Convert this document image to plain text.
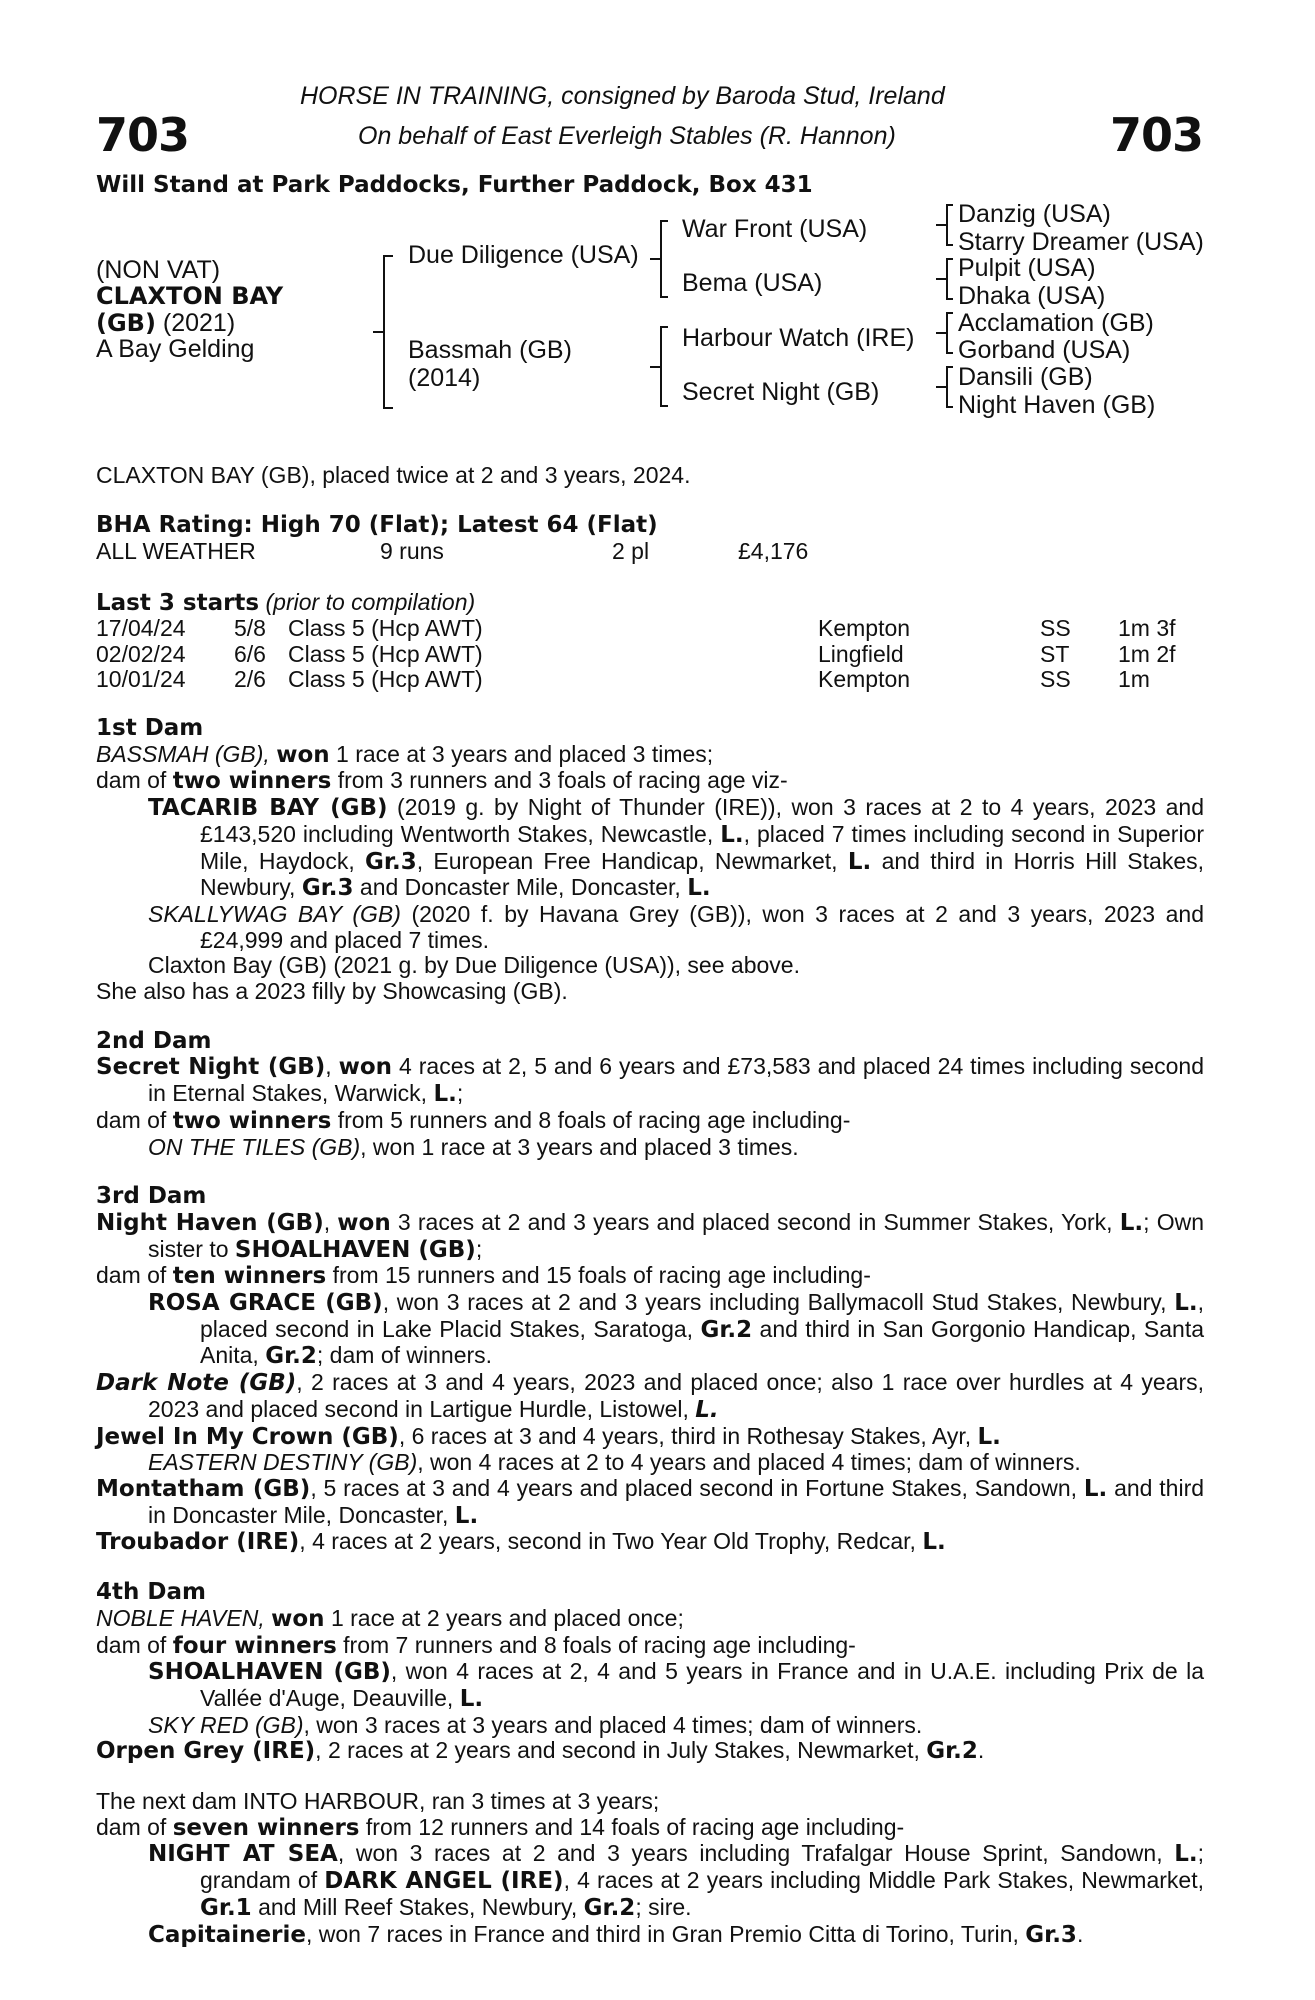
703	703
HORSE IN TRAINING, consigned by Baroda Stud, Ireland
On behalf of East Everleigh Stables (R. Hannon)
Will Stand at Park Paddocks, Further Paddock, Box 431
(NON VAT)
CLAXTON BAY
(GB) (2021)
A Bay Gelding
Due Diligence (USA)
Bassmah (GB)
(2014)
War Front (USA)
Bema (USA)
Harbour Watch (IRE)
Secret Night (GB)
Danzig (USA)
Starry Dreamer (USA)
Pulpit (USA)
Dhaka (USA)
Acclamation (GB)
Gorband (USA)
Dansili (GB)
Night Haven (GB)
CLAXTON BAY (GB), placed twice at 2 and 3 years, 2024.
BHA Rating: High 70 (Flat); Latest 64 (Flat)
ALL WEATHER	9 runs	2 pl	£4,176
Last 3 starts (prior to compilation)
17/04/24 5/8 Class 5 (Hcp AWT)	Kempton	SS 1m 3f
02/02/24 6/6 Class 5 (Hcp AWT)	Lingfield	ST 1m 2f
10/01/24 2/6 Class 5 (Hcp AWT)	Kempton	SS 1m

1st Dam

BASSMAH (GB), won 1 race at 3 years and placed 3 times;

dam of two winners from 3 runners and 3 foals of racing age viz-

TACARIB BAY (GB) (2019 g. by Night of Thunder (IRE)), won 3 races at 2 to 4 years, 2023 and £143,520 including Wentworth Stakes, Newcastle, L., placed 7 times including second in Superior Mile, Haydock, Gr.3, European Free Handicap, Newmarket, L. and third in Horris Hill Stakes, Newbury, Gr.3 and Doncaster Mile, Doncaster, L.

SKALLYWAG BAY (GB) (2020 f. by Havana Grey (GB)), won 3 races at 2 and 3 years, 2023 and £24,999 and placed 7 times.

Claxton Bay (GB) (2021 g. by Due Diligence (USA)), see above.

She also has a 2023 filly by Showcasing (GB).

2nd Dam

Secret Night (GB), won 4 races at 2, 5 and 6 years and £73,583 and placed 24 times including second in Eternal Stakes, Warwick, L.;

dam of two winners from 5 runners and 8 foals of racing age including-

ON THE TILES (GB), won 1 race at 3 years and placed 3 times.

3rd Dam

Night Haven (GB), won 3 races at 2 and 3 years and placed second in Summer Stakes, York, L.; Own sister to SHOALHAVEN (GB);

dam of ten winners from 15 runners and 15 foals of racing age including-

ROSA GRACE (GB), won 3 races at 2 and 3 years including Ballymacoll Stud Stakes, Newbury, L., placed second in Lake Placid Stakes, Saratoga, Gr.2 and third in San Gorgonio Handicap, Santa Anita, Gr.2; dam of winners.

Dark Note (GB), 2 races at 3 and 4 years, 2023 and placed once; also 1 race over hurdles at 4 years, 2023 and placed second in Lartigue Hurdle, Listowel, L.

Jewel In My Crown (GB), 6 races at 3 and 4 years, third in Rothesay Stakes, Ayr, L.

EASTERN DESTINY (GB), won 4 races at 2 to 4 years and placed 4 times; dam of winners.

Montatham (GB), 5 races at 3 and 4 years and placed second in Fortune Stakes, Sandown, L. and third in Doncaster Mile, Doncaster, L.

Troubador (IRE), 4 races at 2 years, second in Two Year Old Trophy, Redcar, L.

4th Dam

NOBLE HAVEN, won 1 race at 2 years and placed once;

dam of four winners from 7 runners and 8 foals of racing age including-

SHOALHAVEN (GB), won 4 races at 2, 4 and 5 years in France and in U.A.E. including Prix de la Vallée d'Auge, Deauville, L.

SKY RED (GB), won 3 races at 3 years and placed 4 times; dam of winners.

Orpen Grey (IRE), 2 races at 2 years and second in July Stakes, Newmarket, Gr.2.

The next dam INTO HARBOUR, ran 3 times at 3 years;

dam of seven winners from 12 runners and 14 foals of racing age including-

NIGHT AT SEA, won 3 races at 2 and 3 years including Trafalgar House Sprint, Sandown, L.; grandam of DARK ANGEL (IRE), 4 races at 2 years including Middle Park Stakes, Newmarket, Gr.1 and Mill Reef Stakes, Newbury, Gr.2; sire.

Capitainerie, won 7 races in France and third in Gran Premio Citta di Torino, Turin, Gr.3.
